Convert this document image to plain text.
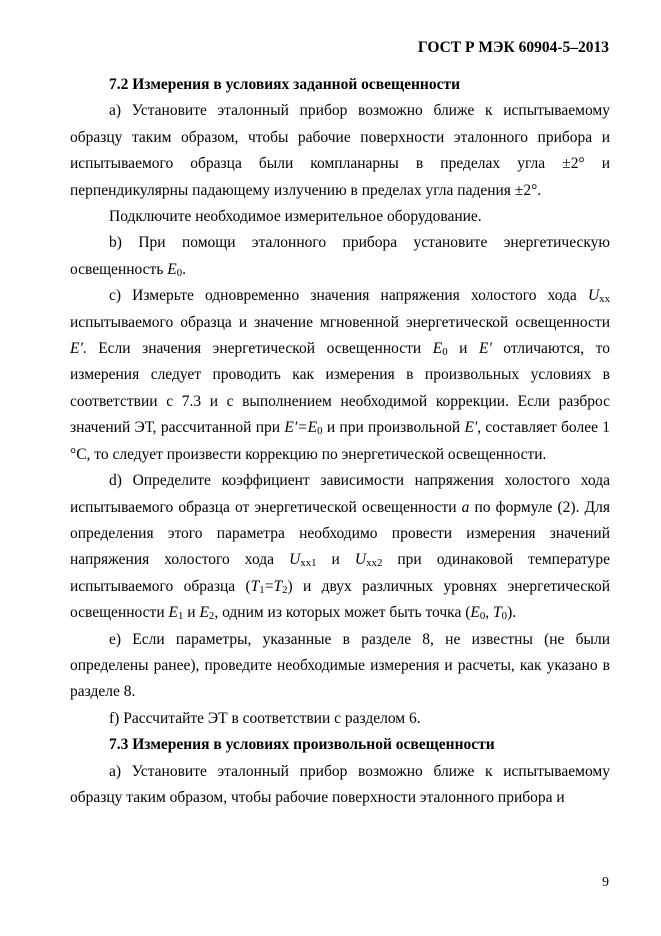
ГОСТ Р МЭК 60904-5–2013

7.2 Измерения в условиях заданной освещенности

а) Установите эталонный прибор возможно ближе к испытываемому образцу таким образом, чтобы рабочие поверхности эталонного прибора и испытываемого образца были компланарны в пределах угла ±2° и перпендикулярны падающему излучению в пределах угла падения ±2°.

Подключите необходимое измерительное оборудование.

b) При помощи эталонного прибора установите энергетическую освещенность $E_0$.

c) Измерьте одновременно значения напряжения холостого хода $U_{xx}$ испытываемого образца и значение мгновенной энергетической освещенности E'. Если значения энергетической освещенности $E_0$ и E' отличаются, то измерения следует проводить как измерения в произвольных условиях в соответствии с 7.3 и с выполнением необходимой коррекции. Если разброс значений ЭТ, рассчитанной при $E'=E_0$ и при произвольной E', составляет более 1 °С, то следует произвести коррекцию по энергетической освещенности.

d) Определите коэффициент зависимости напряжения холостого хода испытываемого образца от энергетической освещенности a по формуле (2). Для определения этого параметра необходимо провести измерения значений напряжения холостого хода $U_{xx1}$ и $U_{xx2}$ при одинаковой температуре испытываемого образца $(T_1=T_2)$ и двух различных уровнях энергетической освещенности $E_1$ и $E_2$, одним из которых может быть точка ($E_0$, $T_0$).

e) Если параметры, указанные в разделе 8, не известны (не были определены ранее), проведите необходимые измерения и расчеты, как указано в разделе 8.

f) Рассчитайте ЭТ в соответствии с разделом 6.

7.3 Измерения в условиях произвольной освещенности

а) Установите эталонный прибор возможно ближе к испытываемому образцу таким образом, чтобы рабочие поверхности эталонного прибора и

9
